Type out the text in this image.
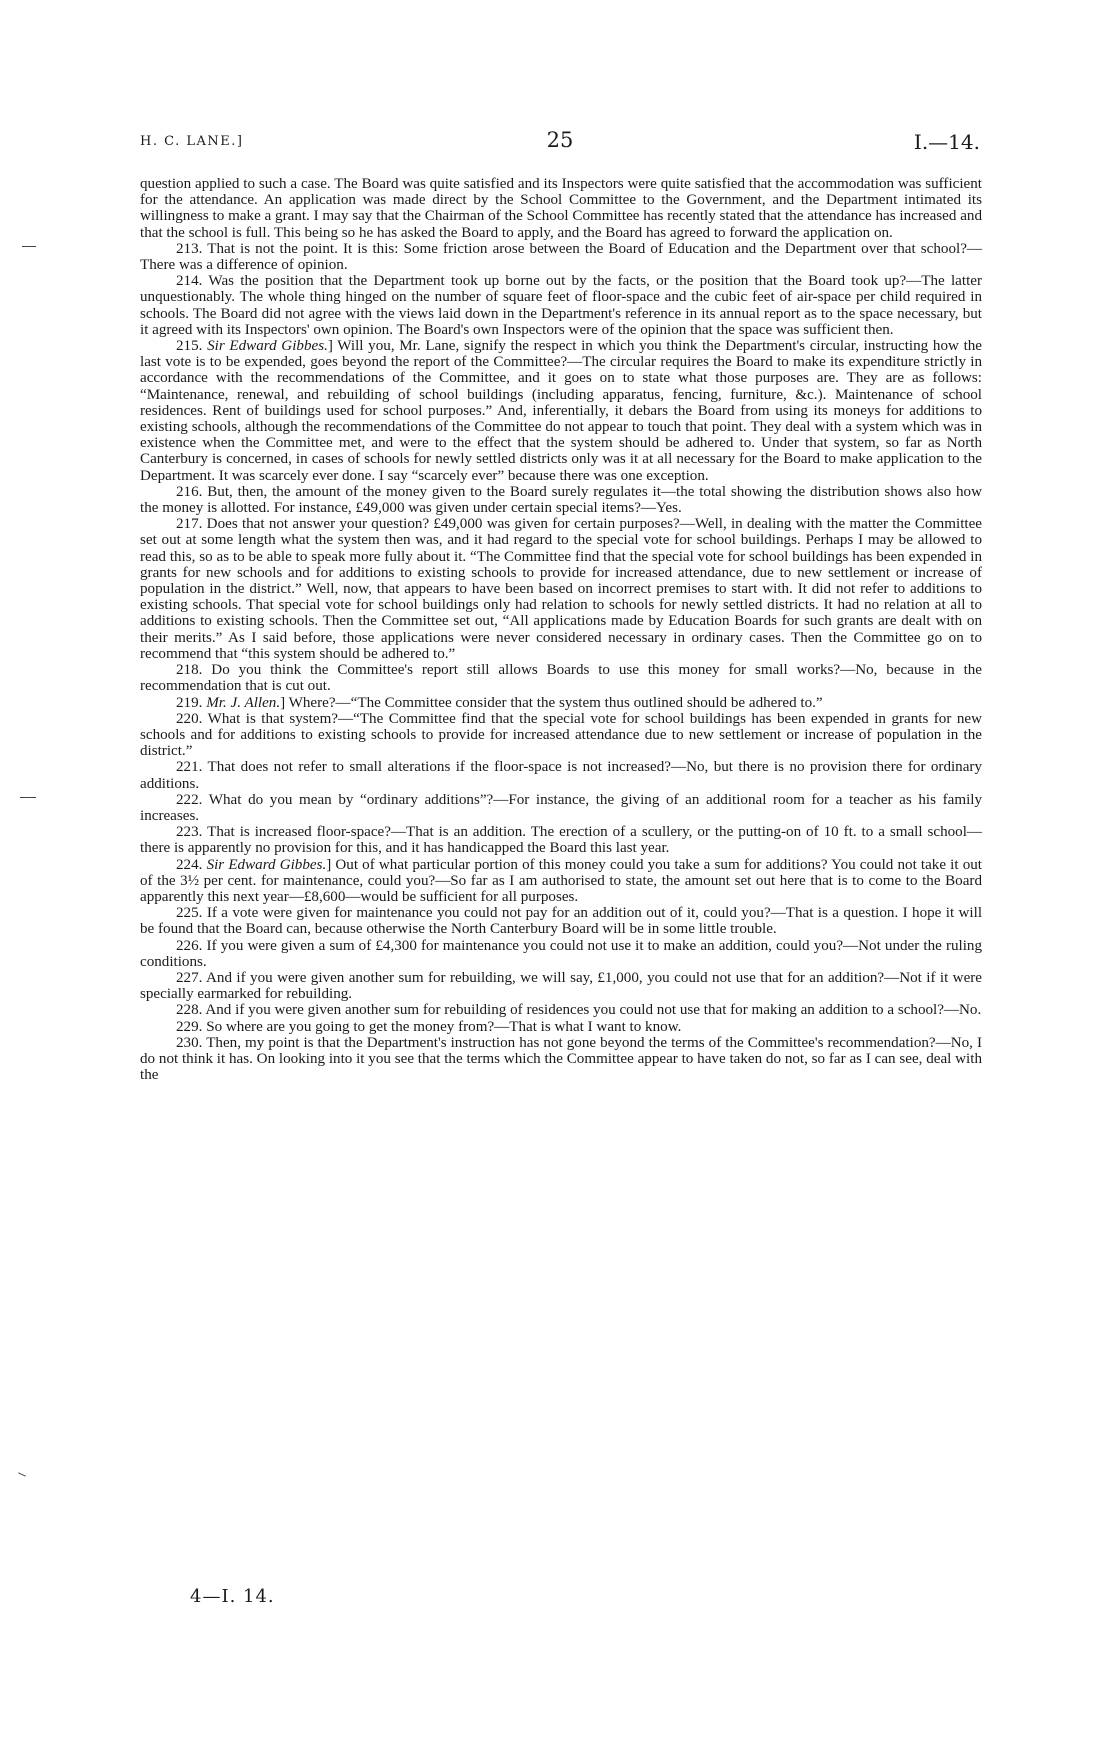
H. C. LANE.]	25	I.—14.

question applied to such a case. The Board was quite satisfied and its Inspectors were quite satisfied that the accommodation was sufficient for the attendance. An application was made direct by the School Committee to the Government, and the Department intimated its willingness to make a grant. I may say that the Chairman of the School Committee has recently stated that the attendance has increased and that the school is full. This being so he has asked the Board to apply, and the Board has agreed to forward the application on.

213. That is not the point. It is this: Some friction arose between the Board of Education and the Department over that school?—There was a difference of opinion.

214. Was the position that the Department took up borne out by the facts, or the position that the Board took up?—The latter unquestionably. The whole thing hinged on the number of square feet of floor-space and the cubic feet of air-space per child required in schools. The Board did not agree with the views laid down in the Department's reference in its annual report as to the space necessary, but it agreed with its Inspectors' own opinion. The Board's own Inspectors were of the opinion that the space was sufficient then.

215. Sir Edward Gibbes.] Will you, Mr. Lane, signify the respect in which you think the Department's circular, instructing how the last vote is to be expended, goes beyond the report of the Committee?—The circular requires the Board to make its expenditure strictly in accordance with the recommendations of the Committee, and it goes on to state what those purposes are. They are as follows: “Maintenance, renewal, and rebuilding of school buildings (including apparatus, fencing, furniture, &c.). Maintenance of school residences. Rent of buildings used for school purposes.” And, inferentially, it debars the Board from using its moneys for additions to existing schools, although the recommendations of the Committee do not appear to touch that point. They deal with a system which was in existence when the Committee met, and were to the effect that the system should be adhered to. Under that system, so far as North Canterbury is concerned, in cases of schools for newly settled districts only was it at all necessary for the Board to make application to the Department. It was scarcely ever done. I say “scarcely ever” because there was one exception.

216. But, then, the amount of the money given to the Board surely regulates it—the total showing the distribution shows also how the money is allotted. For instance, £49,000 was given under certain special items?—Yes.

217. Does that not answer your question? £49,000 was given for certain purposes?—Well, in dealing with the matter the Committee set out at some length what the system then was, and it had regard to the special vote for school buildings. Perhaps I may be allowed to read this, so as to be able to speak more fully about it. “The Committee find that the special vote for school buildings has been expended in grants for new schools and for additions to existing schools to provide for increased attendance, due to new settlement or increase of population in the district.” Well, now, that appears to have been based on incorrect premises to start with. It did not refer to additions to existing schools. That special vote for school buildings only had relation to schools for newly settled districts. It had no relation at all to additions to existing schools. Then the Committee set out, “All applications made by Education Boards for such grants are dealt with on their merits.” As I said before, those applications were never considered necessary in ordinary cases. Then the Committee go on to recommend that “this system should be adhered to.”

218. Do you think the Committee's report still allows Boards to use this money for small works?—No, because in the recommendation that is cut out.

219. Mr. J. Allen.] Where?—“The Committee consider that the system thus outlined should be adhered to.”

220. What is that system?—“The Committee find that the special vote for school buildings has been expended in grants for new schools and for additions to existing schools to provide for increased attendance due to new settlement or increase of population in the district.”

221. That does not refer to small alterations if the floor-space is not increased?—No, but there is no provision there for ordinary additions.

222. What do you mean by “ordinary additions”?—For instance, the giving of an additional room for a teacher as his family increases.

223. That is increased floor-space?—That is an addition. The erection of a scullery, or the putting-on of 10 ft. to a small school—there is apparently no provision for this, and it has handicapped the Board this last year.

224. Sir Edward Gibbes.] Out of what particular portion of this money could you take a sum for additions? You could not take it out of the 3½ per cent. for maintenance, could you?—So far as I am authorised to state, the amount set out here that is to come to the Board apparently this next year—£8,600—would be sufficient for all purposes.

225. If a vote were given for maintenance you could not pay for an addition out of it, could you?—That is a question. I hope it will be found that the Board can, because otherwise the North Canterbury Board will be in some little trouble.

226. If you were given a sum of £4,300 for maintenance you could not use it to make an addition, could you?—Not under the ruling conditions.

227. And if you were given another sum for rebuilding, we will say, £1,000, you could not use that for an addition?—Not if it were specially earmarked for rebuilding.

228. And if you were given another sum for rebuilding of residences you could not use that for making an addition to a school?—No.

229. So where are you going to get the money from?—That is what I want to know.

230. Then, my point is that the Department's instruction has not gone beyond the terms of the Committee's recommendation?—No, I do not think it has. On looking into it you see that the terms which the Committee appear to have taken do not, so far as I can see, deal with the

4—I. 14.
